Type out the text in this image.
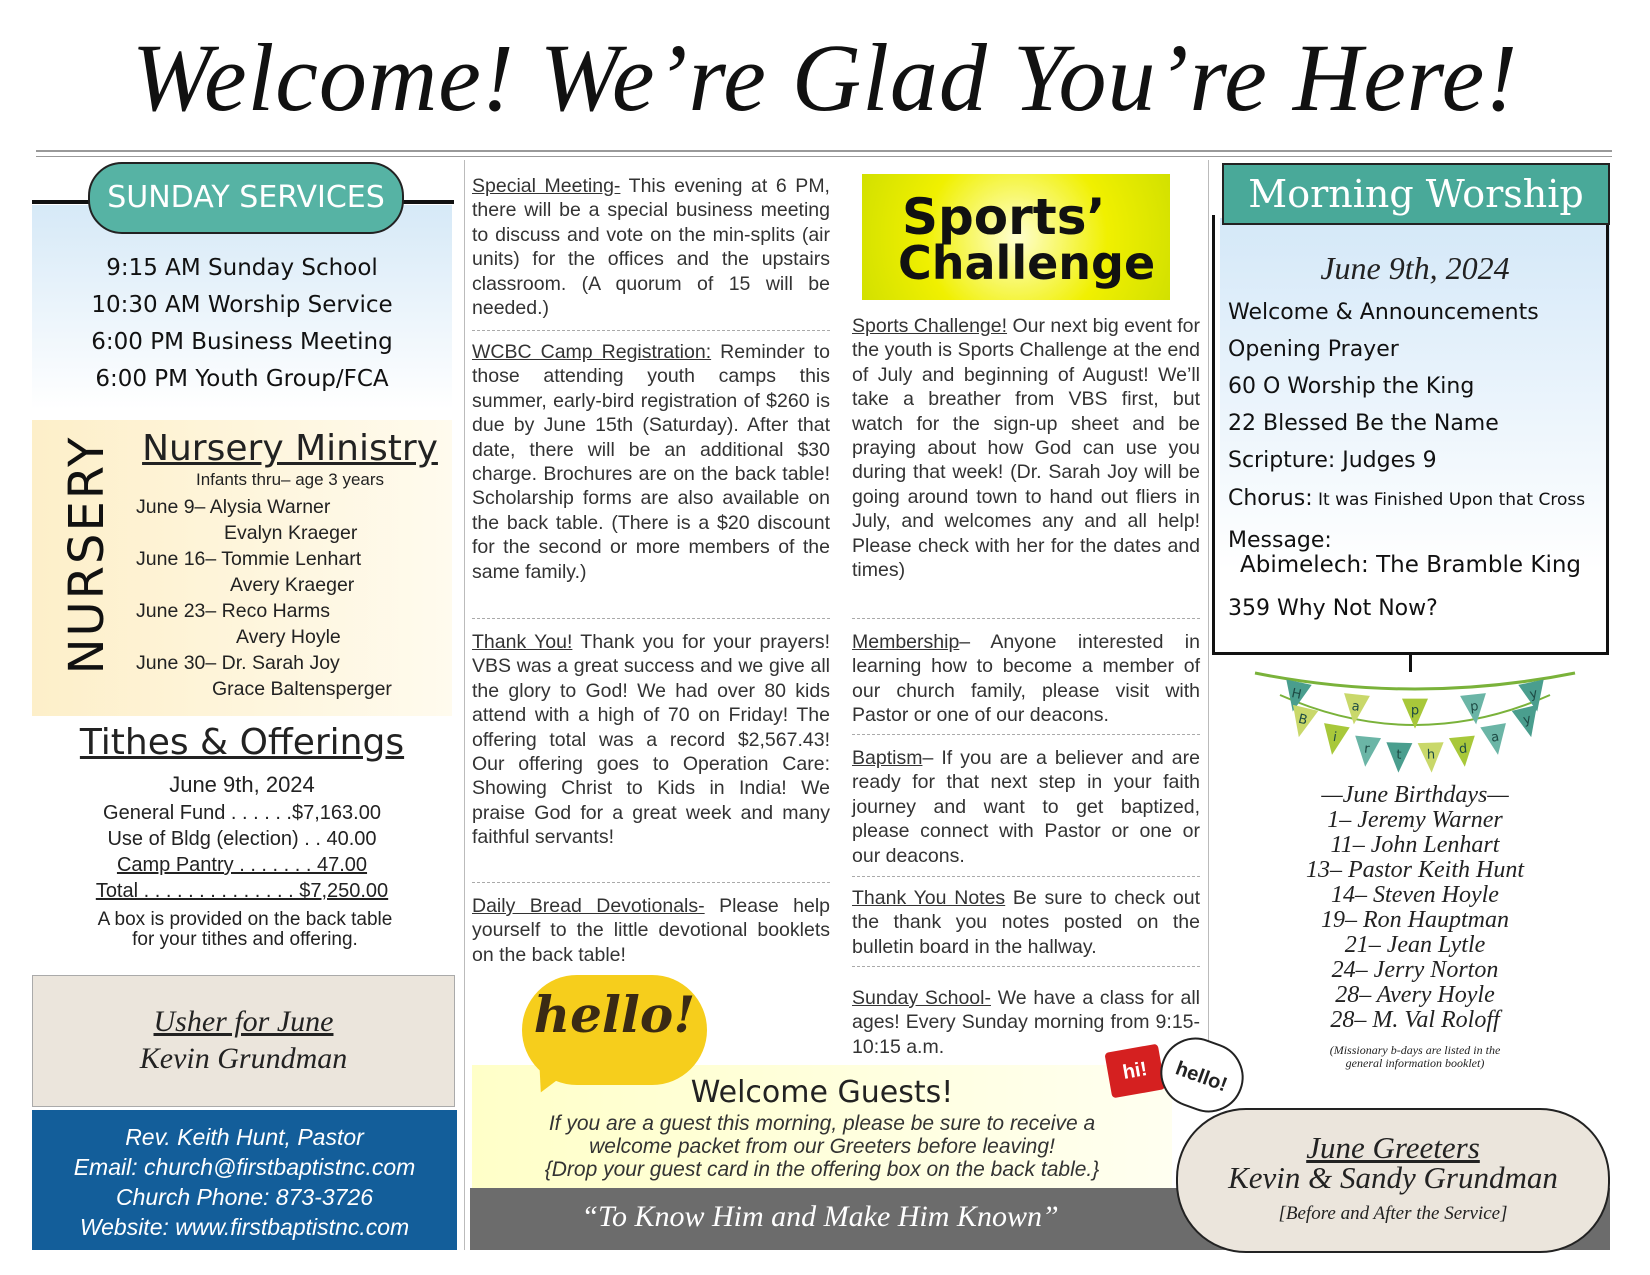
Welcome! We’re Glad You’re Here!
SUNDAY SERVICES
9:15 AM Sunday School
10:30 AM Worship Service
6:00 PM Business Meeting
6:00 PM Youth Group/FCA
NURSERY Nursery Ministry
Infants thru– age 3 years
June 9– Alysia Warner
Evalyn Kraeger
June 16– Tommie Lenhart
Avery Kraeger
June 23– Reco Harms
Avery Hoyle
June 30– Dr. Sarah Joy
Grace Baltensperger
Tithes & Offerings
June 9th, 2024
General Fund . . . . . .$7,163.00
Use of Bldg (election) . . 40.00
Camp Pantry . . . . . . . 47.00
Total . . . . . . . . . . . . . . $7,250.00
A box is provided on the back table
for your tithes and offering.
Usher for June
Kevin Grundman
Rev. Keith Hunt, Pastor
Email: church@firstbaptistnc.com
Church Phone: 873-3726
Website: www.firstbaptistnc.com
Special Meeting- This evening at 6 PM, there will be a special business meeting to discuss and vote on the min-splits (air units) for the offices and the upstairs classroom. (A quorum of 15 will be needed.)
WCBC Camp Registration: Reminder to those attending youth camps this summer, early-bird registration of $260 is due by June 15th (Saturday). After that date, there will be an additional $30 charge. Brochures are on the back table! Scholarship forms are also available on the back table. (There is a $20 discount for the second or more members of the same family.)
Thank You! Thank you for your prayers! VBS was a great success and we give all the glory to God! We had over 80 kids attend with a high of 70 on Friday! The offering total was a record $2,567.43! Our offering goes to Operation Care: Showing Christ to Kids in India! We praise God for a great week and many faithful servants!
Daily Bread Devotionals- Please help yourself to the little devotional booklets on the back table!
Sports’
Challenge
Sports Challenge! Our next big event for the youth is Sports Challenge at the end of July and beginning of August! We’ll take a breather from VBS first, but watch for the sign-up sheet and be praying about how God can use you during that week! (Dr. Sarah Joy will be going around town to hand out fliers in July, and welcomes any and all help! Please check with her for the dates and times)
Membership– Anyone interested in learning how to become a member of our church family, please visit with Pastor or one of our deacons.
Baptism– If you are a believer and are ready for that next step in your faith journey and want to get baptized, please connect with Pastor or one or our deacons.
Thank You Notes Be sure to check out the thank you notes posted on the bulletin board in the hallway.
Sunday School- We have a class for all ages! Every Sunday morning from 9:15-10:15 a.m.
hello!
Welcome Guests!
If you are a guest this morning, please be sure to receive a
welcome packet from our Greeters before leaving!
{Drop your guest card in the offering box on the back table.}
“To Know Him and Make Him Known”
hi!	hello!
Morning Worship
June 9th, 2024
Welcome & Announcements
Opening Prayer
60 O Worship the King
22 Blessed Be the Name
Scripture: Judges 9
Chorus: It was Finished Upon that Cross
Message:
Abimelech: The Bramble King
359 Why Not Now?
H
a	p	p
y
B
i
r t h d
a
y
—June Birthdays—
1– Jeremy Warner
11– John Lenhart
13– Pastor Keith Hunt
14– Steven Hoyle
19– Ron Hauptman
21– Jean Lytle
24– Jerry Norton
28– Avery Hoyle
28– M. Val Roloff
(Missionary b-days are listed in the
general information booklet)
June Greeters
Kevin & Sandy Grundman
[Before and After the Service]
